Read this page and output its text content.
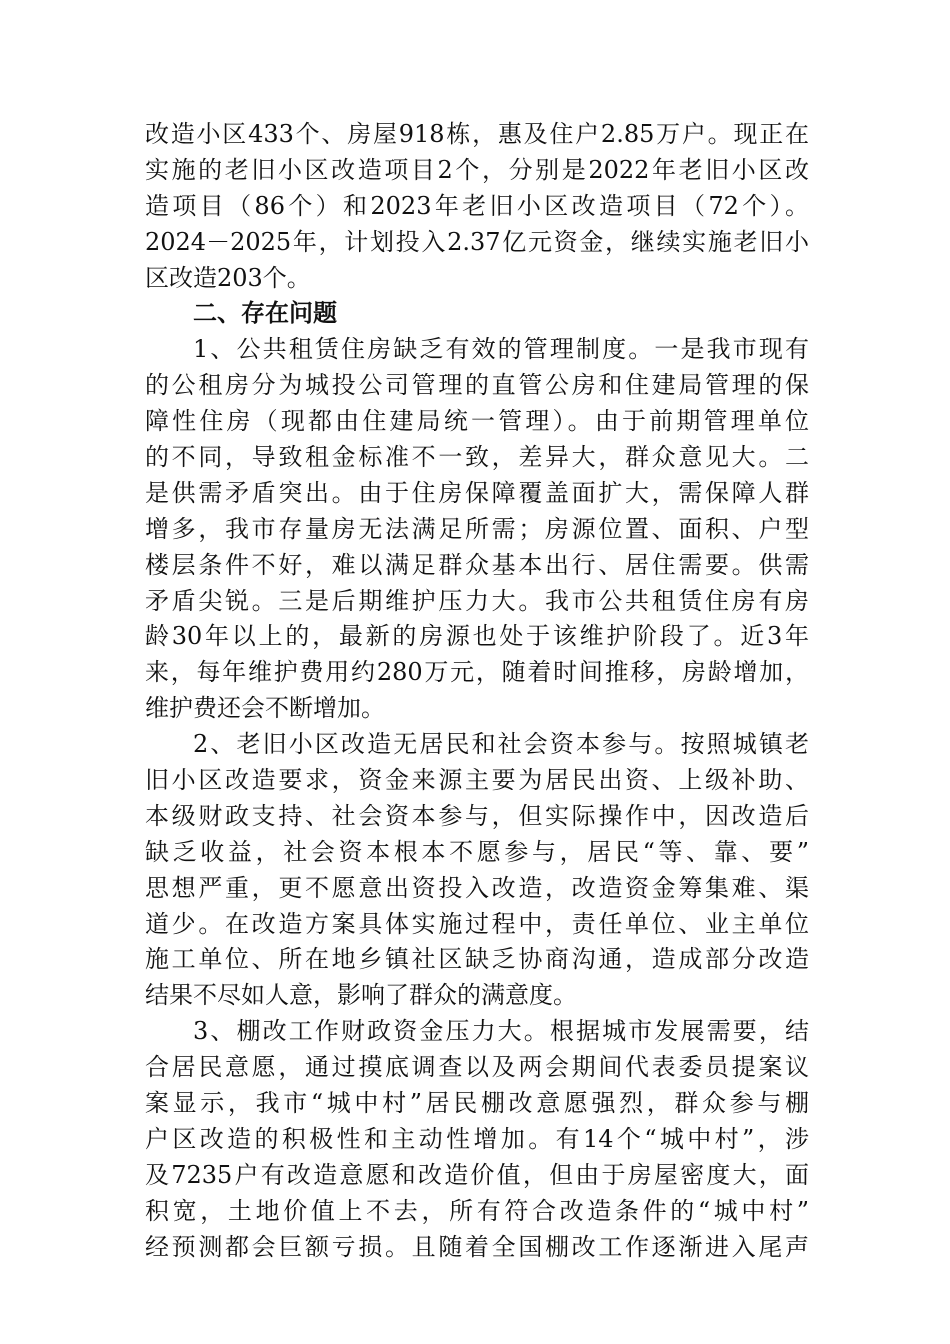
改造小区433个、房屋918栋，惠及住户2.85万户。现正在
实施的老旧小区改造项目2个，分别是2022年老旧小区改
造项目（86个）和2023年老旧小区改造项目（72个）。
2024－2025年，计划投入2.37亿元资金，继续实施老旧小
区改造203个。
二、存在问题
1、公共租赁住房缺乏有效的管理制度。一是我市现有
的公租房分为城投公司管理的直管公房和住建局管理的保
障性住房（现都由住建局统一管理）。由于前期管理单位
的不同，导致租金标准不一致，差异大，群众意见大。二
是供需矛盾突出。由于住房保障覆盖面扩大，需保障人群
增多，我市存量房无法满足所需；房源位置、面积、户型
楼层条件不好，难以满足群众基本出行、居住需要。供需
矛盾尖锐。三是后期维护压力大。我市公共租赁住房有房
龄30年以上的，最新的房源也处于该维护阶段了。近3年
来，每年维护费用约280万元，随着时间推移，房龄增加，
维护费还会不断增加。
2、老旧小区改造无居民和社会资本参与。按照城镇老
旧小区改造要求，资金来源主要为居民出资、上级补助、
本级财政支持、社会资本参与，但实际操作中，因改造后
缺乏收益，社会资本根本不愿参与，居民“等、靠、要”
思想严重，更不愿意出资投入改造，改造资金筹集难、渠
道少。在改造方案具体实施过程中，责任单位、业主单位
施工单位、所在地乡镇社区缺乏协商沟通，造成部分改造
结果不尽如人意，影响了群众的满意度。
3、棚改工作财政资金压力大。根据城市发展需要，结
合居民意愿，通过摸底调查以及两会期间代表委员提案议
案显示，我市“城中村”居民棚改意愿强烈，群众参与棚
户区改造的积极性和主动性增加。有14个“城中村”，涉
及7235户有改造意愿和改造价值，但由于房屋密度大，面
积宽，土地价值上不去，所有符合改造条件的“城中村”
经预测都会巨额亏损。且随着全国棚改工作逐渐进入尾声
